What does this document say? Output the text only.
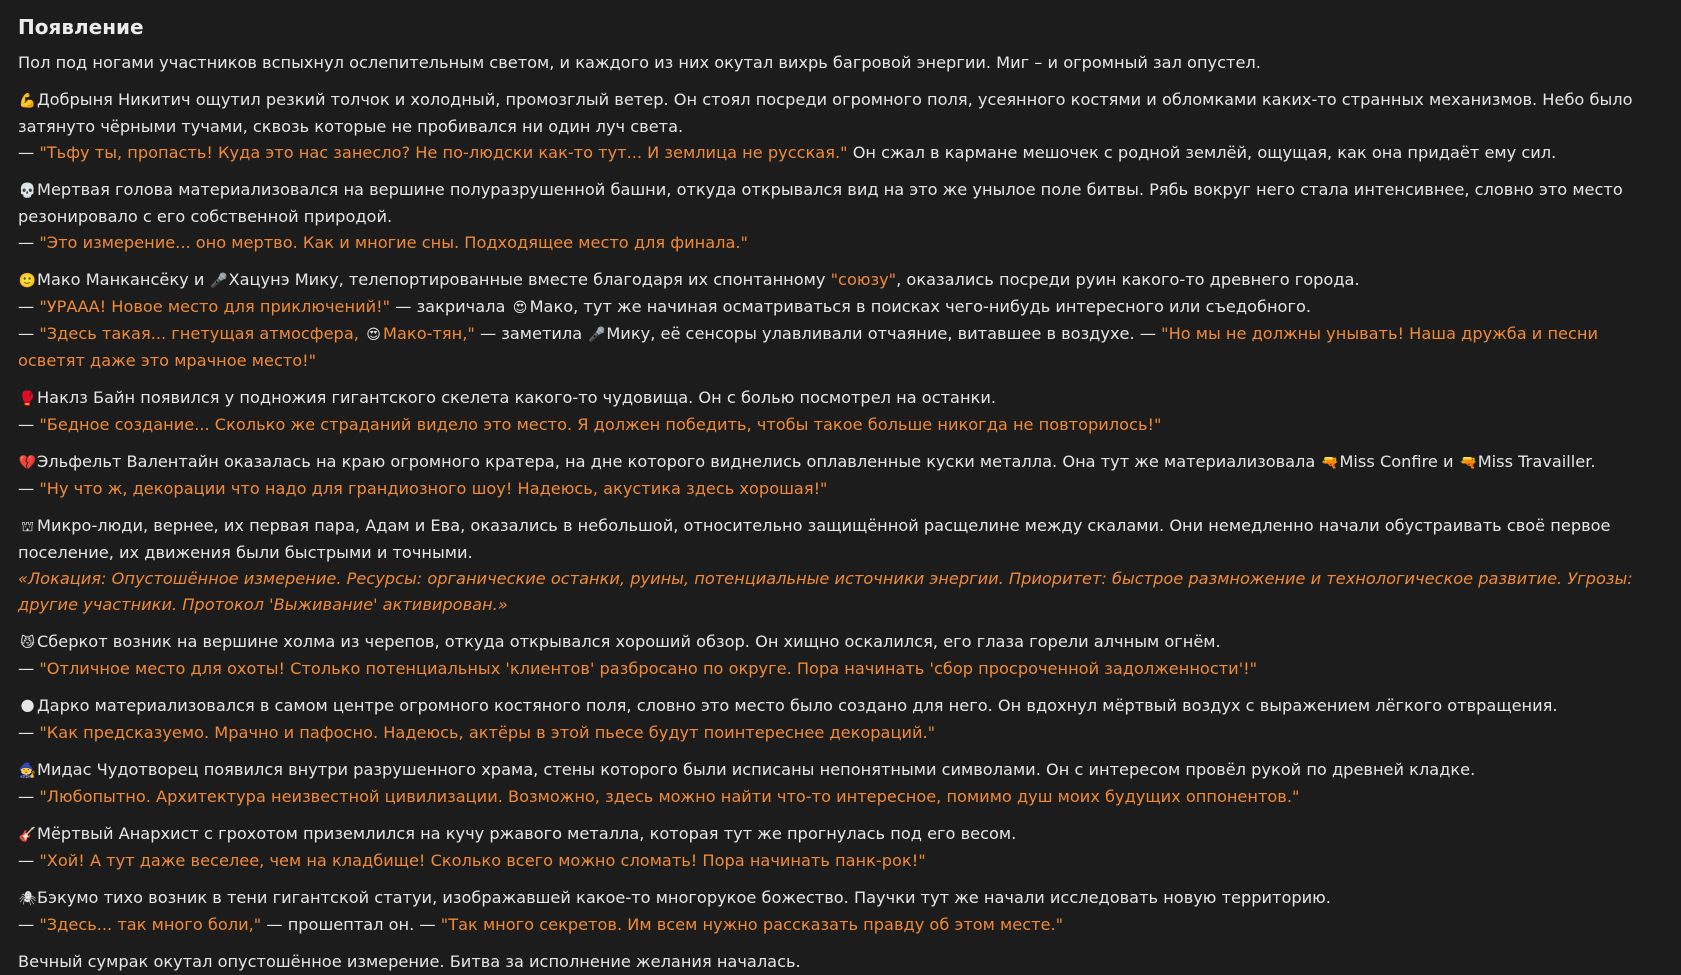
Появление

Пол под ногами участников вспыхнул ослепительным светом, и каждого из них окутал вихрь багровой энергии. Миг – и огромный зал опустел.

💪Добрыня Никитич ощутил резкий толчок и холодный, промозглый ветер. Он стоял посреди огромного поля, усеянного костями и обломками каких-то странных механизмов. Небо было затянуто чёрными тучами, сквозь которые не пробивался ни один луч света.
— "Тьфу ты, пропасть! Куда это нас занесло? Не по-людски как-то тут... И землица не русская." Он сжал в кармане мешочек с родной землёй, ощущая, как она придаёт ему сил.

💀Мертвая голова материализовался на вершине полуразрушенной башни, откуда открывался вид на это же унылое поле битвы. Рябь вокруг него стала интенсивнее, словно это место резонировало с его собственной природой.
— "Это измерение... оно мертво. Как и многие сны. Подходящее место для финала."

🙂Мако Манкансёку и 🎤Хацунэ Мику, телепортированные вместе благодаря их спонтанному "союзу", оказались посреди руин какого-то древнего города.
— "УРААА! Новое место для приключений!" — закричала 😍 Мако, тут же начиная осматриваться в поисках чего-нибудь интересного или съедобного.
— "Здесь такая... гнетущая атмосфера, 😍 Мако-тян," — заметила 🎤Мику, её сенсоры улавливали отчаяние, витавшее в воздухе. — "Но мы не должны унывать! Наша дружба и песни осветят даже это мрачное место!"

🥊Наклз Байн появился у подножия гигантского скелета какого-то чудовища. Он с болью посмотрел на останки.
— "Бедное создание... Сколько же страданий видело это место. Я должен победить, чтобы такое больше никогда не повторилось!"

💔Эльфельт Валентайн оказалась на краю огромного кратера, на дне которого виднелись оплавленные куски металла. Она тут же материализовала 🔫Miss Confire и 🔫Miss Travailler.
— "Ну что ж, декорации что надо для грандиозного шоу! Надеюсь, акустика здесь хорошая!"

⛫ Микро-люди, вернее, их первая пара, Адам и Ева, оказались в небольшой, относительно защищённой расщелине между скалами. Они немедленно начали обустраивать своё первое поселение, их движения были быстрыми и точными.
«Локация: Опустошённое измерение. Ресурсы: органические останки, руины, потенциальные источники энергии. Приоритет: быстрое размножение и технологическое развитие. Угрозы: другие участники. Протокол 'Выживание' активирован.»

😼 Сберкот возник на вершине холма из черепов, откуда открывался хороший обзор. Он хищно оскалился, его глаза горели алчным огнём.
— "Отличное место для охоты! Столько потенциальных 'клиентов' разбросано по округе. Пора начинать 'сбор просроченной задолженности'!"

🌑 Дарко материализовался в самом центре огромного костяного поля, словно это место было создано для него. Он вдохнул мёртвый воздух с выражением лёгкого отвращения.
— "Как предсказуемо. Мрачно и пафосно. Надеюсь, актёры в этой пьесе будут поинтереснее декораций."

🧙Мидас Чудотворец появился внутри разрушенного храма, стены которого были исписаны непонятными символами. Он с интересом провёл рукой по древней кладке.
— "Любопытно. Архитектура неизвестной цивилизации. Возможно, здесь можно найти что-то интересное, помимо душ моих будущих оппонентов."

🎸Мёртвый Анархист с грохотом приземлился на кучу ржавого металла, которая тут же прогнулась под его весом.
— "Хой! А тут даже веселее, чем на кладбище! Сколько всего можно сломать! Пора начинать панк-рок!"

🕷Бэкумо тихо возник в тени гигантской статуи, изображавшей какое-то многорукое божество. Паучки тут же начали исследовать новую территорию.
— "Здесь... так много боли," — прошептал он. — "Так много секретов. Им всем нужно рассказать правду об этом месте."

Вечный сумрак окутал опустошённое измерение. Битва за исполнение желания началась.
